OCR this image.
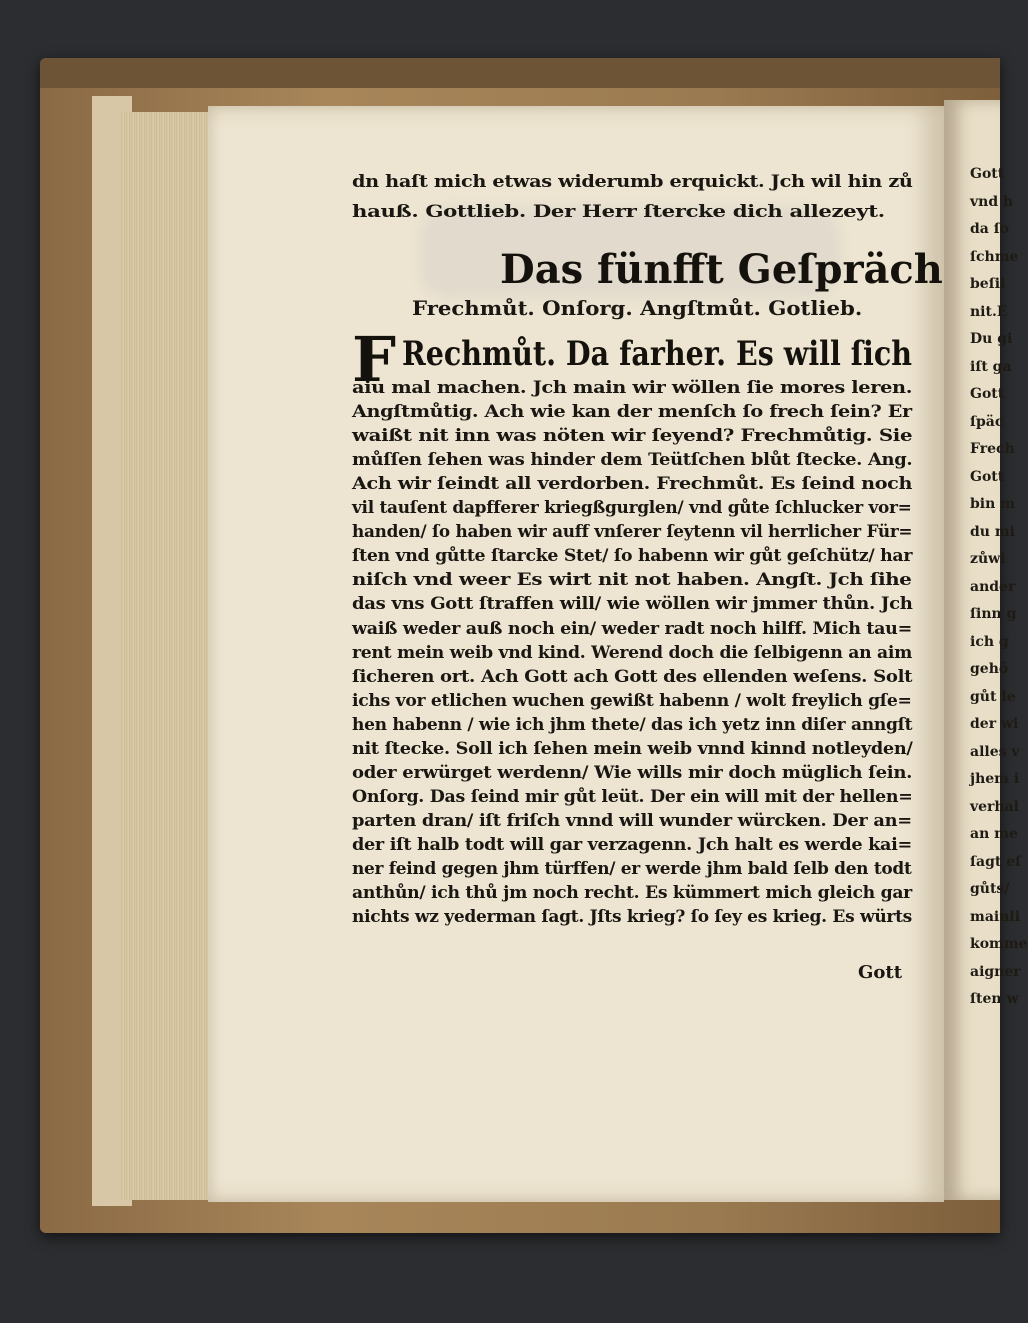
Gott
vnd h
da ſo
ſchme
beſil
nit.E
Du gi
iſt ga
Gott
ſpäc
Frech
Gott
bin m
du mi
zůwi
ander
ſinn g
ich g
gehö
gůt le
der wi
alles v
jhem i
verhal
an me
ſagt eſ
gůts/
mainli
komme
aigner
ſten w
dn haſt mich etwas widerumb erquickt. Jch wil hin zů
hauß. Gottlieb. Der Herr ſtercke dich allezeyt.
Das fünfft Geſpräch
Frechmůt. Onſorg. Angſtmůt. Gotlieb.
F Rechmůt. Da farher. Es will ſich
aiu mal machen. Jch main wir wöllen ſie mores leren.
Angſtmůtig. Ach wie kan der menſch ſo frech ſein? Er
waißt nit inn was nöten wir ſeyend? Frechmůtig. Sie
můſſen ſehen was hinder dem Teütſchen blůt ſtecke. Ang.
Ach wir ſeindt all verdorben. Frechmůt. Es ſeind noch
vil tauſent dapfferer kriegßgurglen/ vnd gůte ſchlucker vor=
handen/ ſo haben wir auff vnſerer ſeytenn vil herrlicher Für=
ſten vnd gůtte ſtarcke Stet/ ſo habenn wir gůt geſchütz/ har
niſch vnd weer Es wirt nit not haben. Angſt. Jch ſihe
das vns Gott ſtraffen will/ wie wöllen wir jmmer thůn. Jch
waiß weder auß noch ein/ weder radt noch hilff. Mich tau=
rent mein weib vnd kind. Werend doch die ſelbigenn an aim
ſicheren ort. Ach Gott ach Gott des ellenden weſens. Solt
ichs vor etlichen wuchen gewißt habenn / wolt freylich gſe=
hen habenn / wie ich jhm thete/ das ich yetz inn diſer anngſt
nit ſtecke. Soll ich ſehen mein weib vnnd kinnd notleyden/
oder erwürget werdenn/ Wie wills mir doch müglich ſein.
Onſorg. Das ſeind mir gůt leüt. Der ein will mit der hellen=
parten dran/ iſt friſch vnnd will wunder würcken. Der an=
der iſt halb todt will gar verzagenn. Jch halt es werde kai=
ner feind gegen jhm türffen/ er werde jhm bald ſelb den todt
anthůn/ ich thů jm noch recht. Es kümmert mich gleich gar
nichts wz yederman ſagt. Jſts krieg? ſo ſey es krieg. Es würts
Gott
